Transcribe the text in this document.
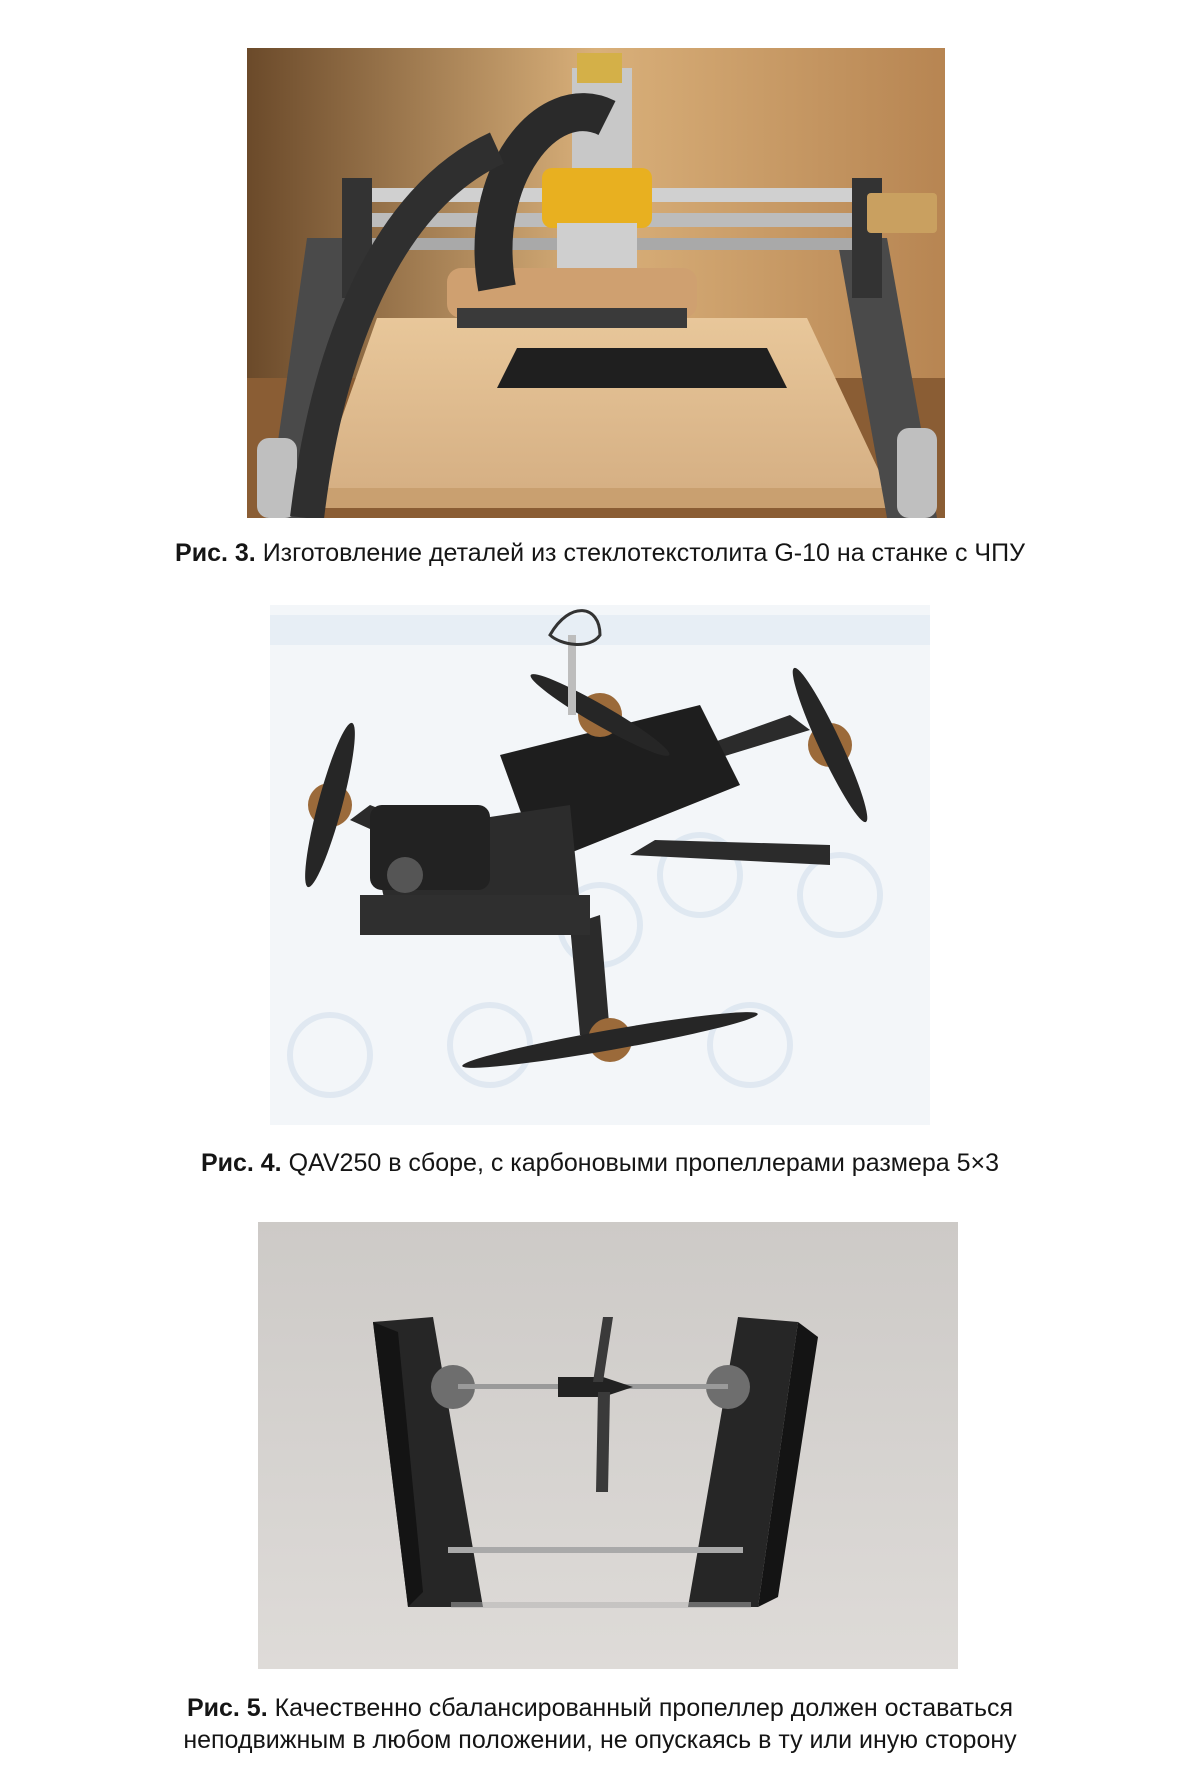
Рис. 3. Изготовление деталей из стеклотекстолита G-10 на станке с ЧПУ
Рис. 4. QAV250 в сборе, с карбоновыми пропеллерами размера 5×3
Рис. 5. Качественно сбалансированный пропеллер должен оставаться
неподвижным в любом положении, не опускаясь в ту или иную сторону
